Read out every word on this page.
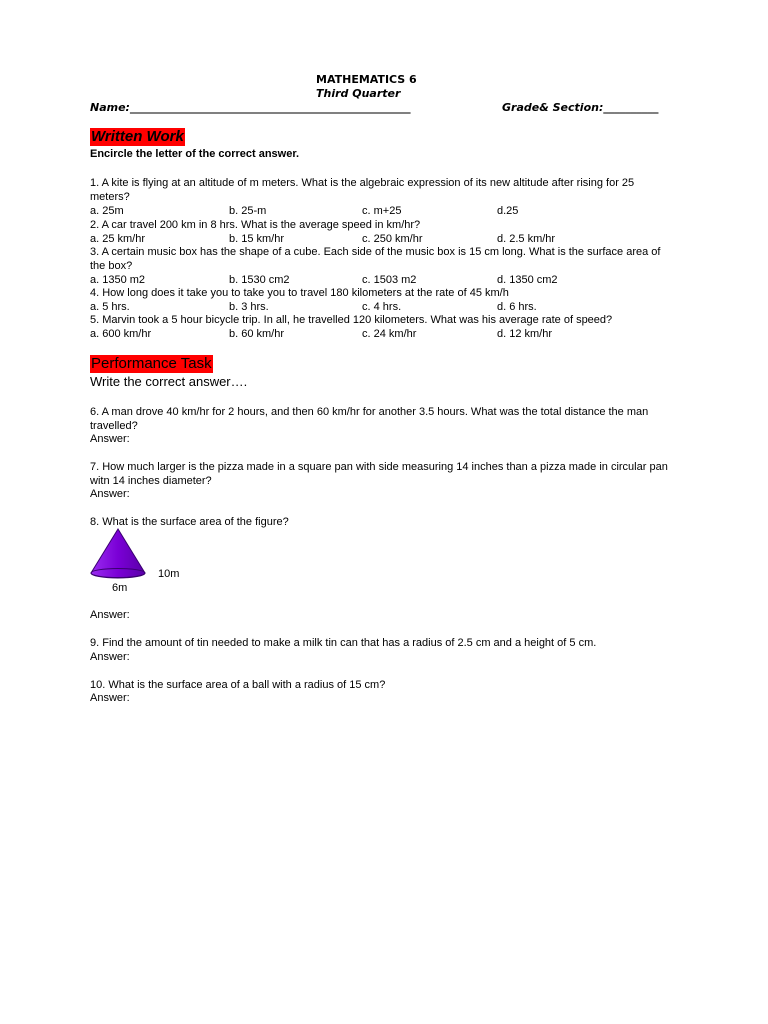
MATHEMATICS 6
Third Quarter
Name:___________________________________________________	Grade& Section:__________
Written Work
Encircle the letter of the correct answer.
1. A kite is flying at an altitude of m meters. What is the algebraic expression of its new altitude after rising for 25 meters?
a. 25m	b. 25-m	c. m+25	d.25
2. A car travel 200 km in 8 hrs. What is the average speed in km/hr?
a. 25 km/hr	b. 15 km/hr	c. 250 km/hr	d. 2.5 km/hr
3. A certain music box has the shape of a cube. Each side of the music box is 15 cm long. What is the surface area of the box?
a. 1350 m2	b. 1530 cm2	c. 1503 m2	d. 1350 cm2
4. How long does it take you to take you to travel 180 kilometers at the rate of 45 km/h
a. 5 hrs.	b. 3 hrs.	c. 4 hrs.	d. 6 hrs.
5. Marvin took a 5 hour bicycle trip. In all, he travelled 120 kilometers. What was his average rate of speed?
a. 600 km/hr	b. 60 km/hr	c. 24 km/hr	d. 12 km/hr
Performance Task
Write the correct answer….
6. A man drove 40 km/hr for 2 hours, and then 60 km/hr for another 3.5 hours. What was the total distance the man travelled?
Answer:
7. How much larger is the pizza made in a square pan with side measuring 14 inches than a pizza made in circular pan witn 14 inches diameter?
Answer:
8. What is the surface area of the figure?
10m
6m
Answer:
9. Find the amount of tin needed to make a milk tin can that has a radius of 2.5 cm and a height of 5 cm.
Answer:
10. What is the surface area of a ball with a radius of 15 cm?
Answer:
